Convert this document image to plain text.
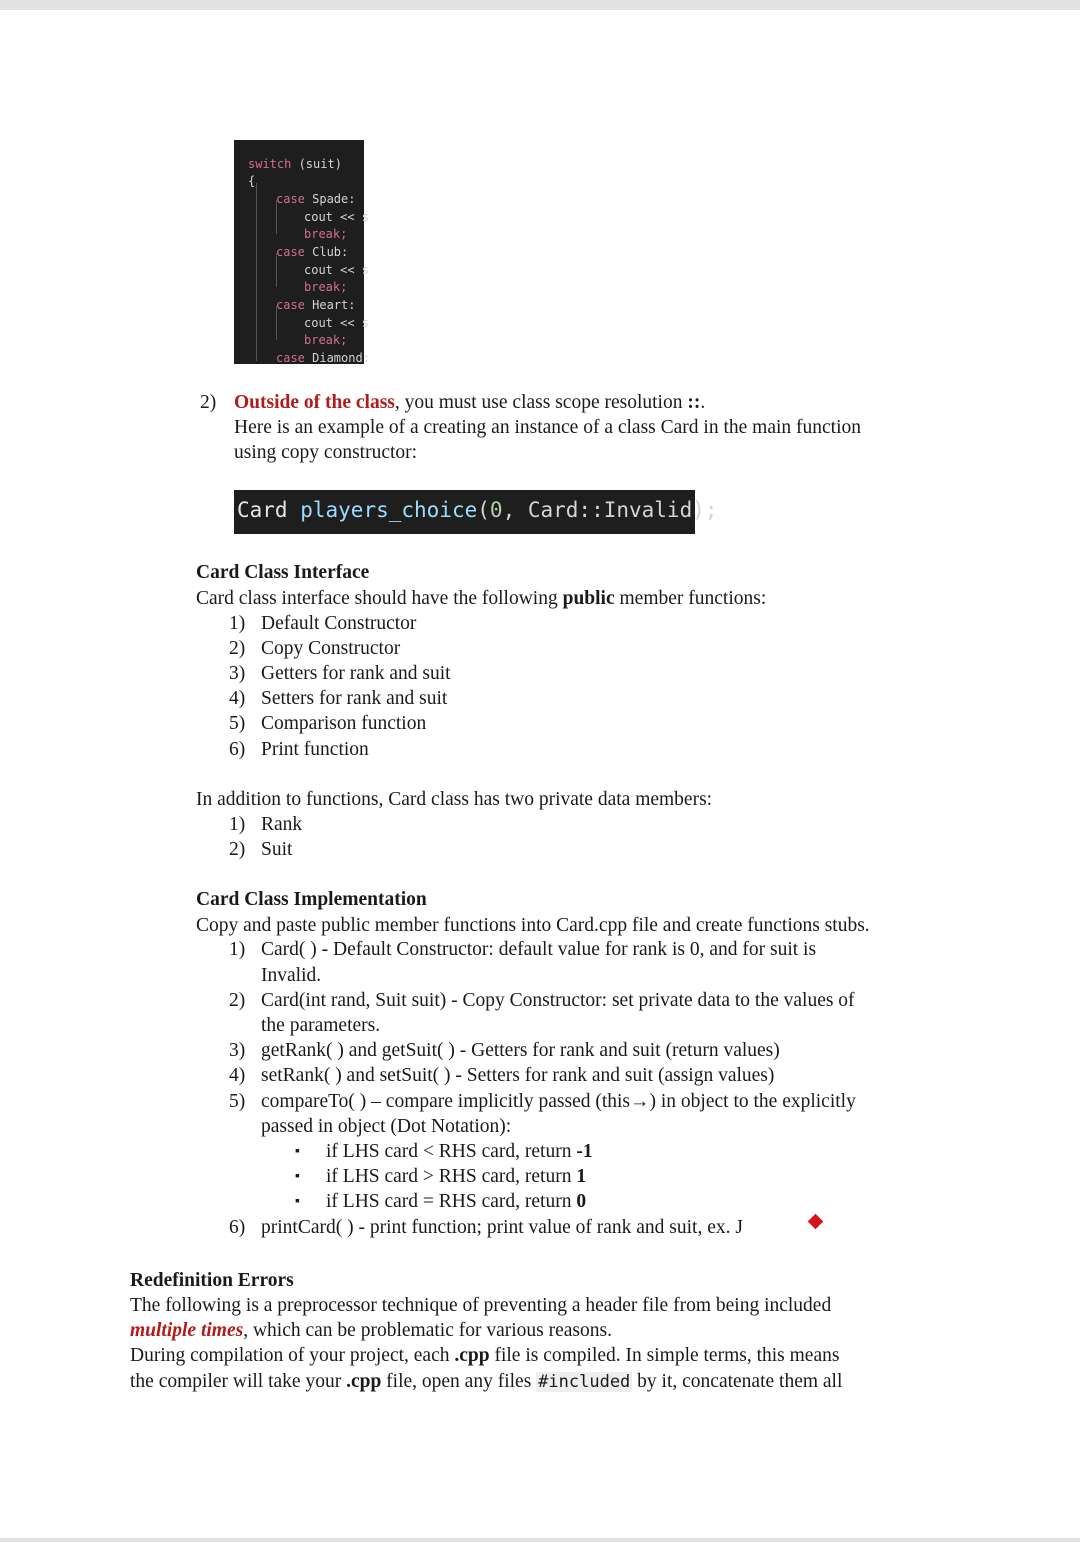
switch (suit)
{
case Spade:
cout << s
break;
case Club:
cout << s
break;
case Heart:
cout << s
break;
case Diamond:
2) Outside of the class, you must use class scope resolution ::.
Here is an example of a creating an instance of a class Card in the main function
using copy constructor:
Card players_choice(0, Card::Invalid);
Card Class Interface
Card class interface should have the following public member functions:
1) Default Constructor
2) Copy Constructor
3) Getters for rank and suit
4) Setters for rank and suit
5) Comparison function
6) Print function
In addition to functions, Card class has two private data members:
1) Rank
2) Suit
Card Class Implementation
Copy and paste public member functions into Card.cpp file and create functions stubs.
1) Card( ) - Default Constructor: default value for rank is 0, and for suit is
Invalid.
2) Card(int rand, Suit suit) - Copy Constructor: set private data to the values of
the parameters.
3) getRank( ) and getSuit( ) - Getters for rank and suit (return values)
4) setRank( ) and setSuit( ) - Setters for rank and suit (assign values)
5) compareTo( ) – compare implicitly passed (this→) in object to the explicitly
passed in object (Dot Notation):
▪ if LHS card < RHS card, return -1
▪ if LHS card > RHS card, return 1
▪ if LHS card = RHS card, return 0
6) printCard( ) - print function; print value of rank and suit, ex. J
Redefinition Errors
The following is a preprocessor technique of preventing a header file from being included
multiple times, which can be problematic for various reasons.
During compilation of your project, each .cpp file is compiled. In simple terms, this means
the compiler will take your .cpp file, open any files #included by it, concatenate them all
